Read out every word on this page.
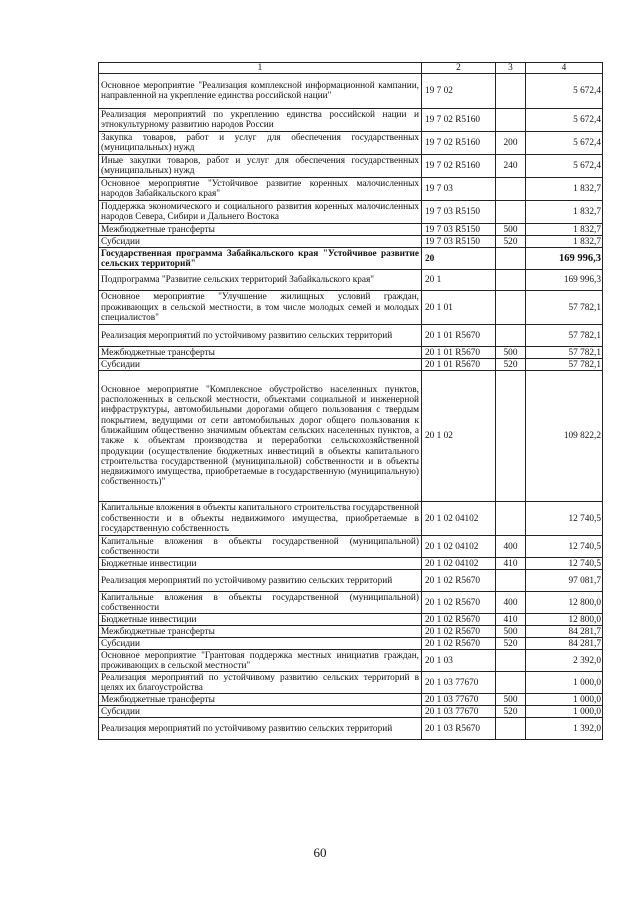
1	2	3	4
Основное мероприятие "Реализация комплексной информационной кампании, направленной на укрепление единства российской нации"	19 7 02		5 672,4
Реализация мероприятий по укреплению единства российской нации и этнокультурному развитию народов России	19 7 02 R5160		5 672,4
Закупка товаров, работ и услуг для обеспечения государственных (муниципальных) нужд	19 7 02 R5160	200	5 672,4
Иные закупки товаров, работ и услуг для обеспечения государственных (муниципальных) нужд	19 7 02 R5160	240	5 672,4
Основное мероприятие "Устойчивое развитие коренных малочисленных народов Забайкальского края"	19 7 03		1 832,7
Поддержка экономического и социального развития коренных малочисленных народов Севера, Сибири и Дальнего Востока	19 7 03 R5150		1 832,7
Межбюджетные трансферты	19 7 03 R5150	500	1 832,7
Субсидии	19 7 03 R5150	520	1 832,7
Государственная программа Забайкальского края "Устойчивое развитие сельских территорий"	20		169 996,3
Подпрограмма "Развитие сельских территорий Забайкальского края"	20 1		169 996,3
Основное мероприятие "Улучшение жилищных условий граждан, проживающих в сельской местности, в том числе молодых семей и молодых специалистов"	20 1 01		57 782,1
Реализация мероприятий по устойчивому развитию сельских территорий	20 1 01 R5670		57 782,1
Межбюджетные трансферты	20 1 01 R5670	500	57 782,1
Субсидии	20 1 01 R5670	520	57 782,1
Основное мероприятие "Комплексное обустройство населенных пунктов, расположенных в сельской местности, объектами социальной и инженерной инфраструктуры, автомобильными дорогами общего пользования с твердым покрытием, ведущими от сети автомобильных дорог общего пользования к ближайшим общественно значимым объектам сельских населенных пунктов, а также к объектам производства и переработки сельскохозяйственной продукции (осуществление бюджетных инвестиций в объекты капитального строительства государственной (муниципальной) собственности и в объекты недвижимого имущества, приобретаемые в государственную (муниципальную) собственность)"	20 1 02		109 822,2
Капитальные вложения в объекты капитального строительства государственной собственности и в объекты недвижимого имущества, приобретаемые в государственную собственность	20 1 02 04102		12 740,5
Капитальные вложения в объекты государственной (муниципальной) собственности	20 1 02 04102	400	12 740,5
Бюджетные инвестиции	20 1 02 04102	410	12 740,5
Реализация мероприятий по устойчивому развитию сельских территорий	20 1 02 R5670		97 081,7
Капитальные вложения в объекты государственной (муниципальной) собственности	20 1 02 R5670	400	12 800,0
Бюджетные инвестиции	20 1 02 R5670	410	12 800,0
Межбюджетные трансферты	20 1 02 R5670	500	84 281,7
Субсидии	20 1 02 R5670	520	84 281,7
Основное мероприятие "Грантовая поддержка местных инициатив граждан, проживающих в сельской местности"	20 1 03		2 392,0
Реализация мероприятий по устойчивому развитию сельских территорий в целях их благоустройства	20 1 03 77670		1 000,0
Межбюджетные трансферты	20 1 03 77670	500	1 000,0
Субсидии	20 1 03 77670	520	1 000,0
Реализация мероприятий по устойчивому развитию сельских территорий	20 1 03 R5670		1 392,0
60
